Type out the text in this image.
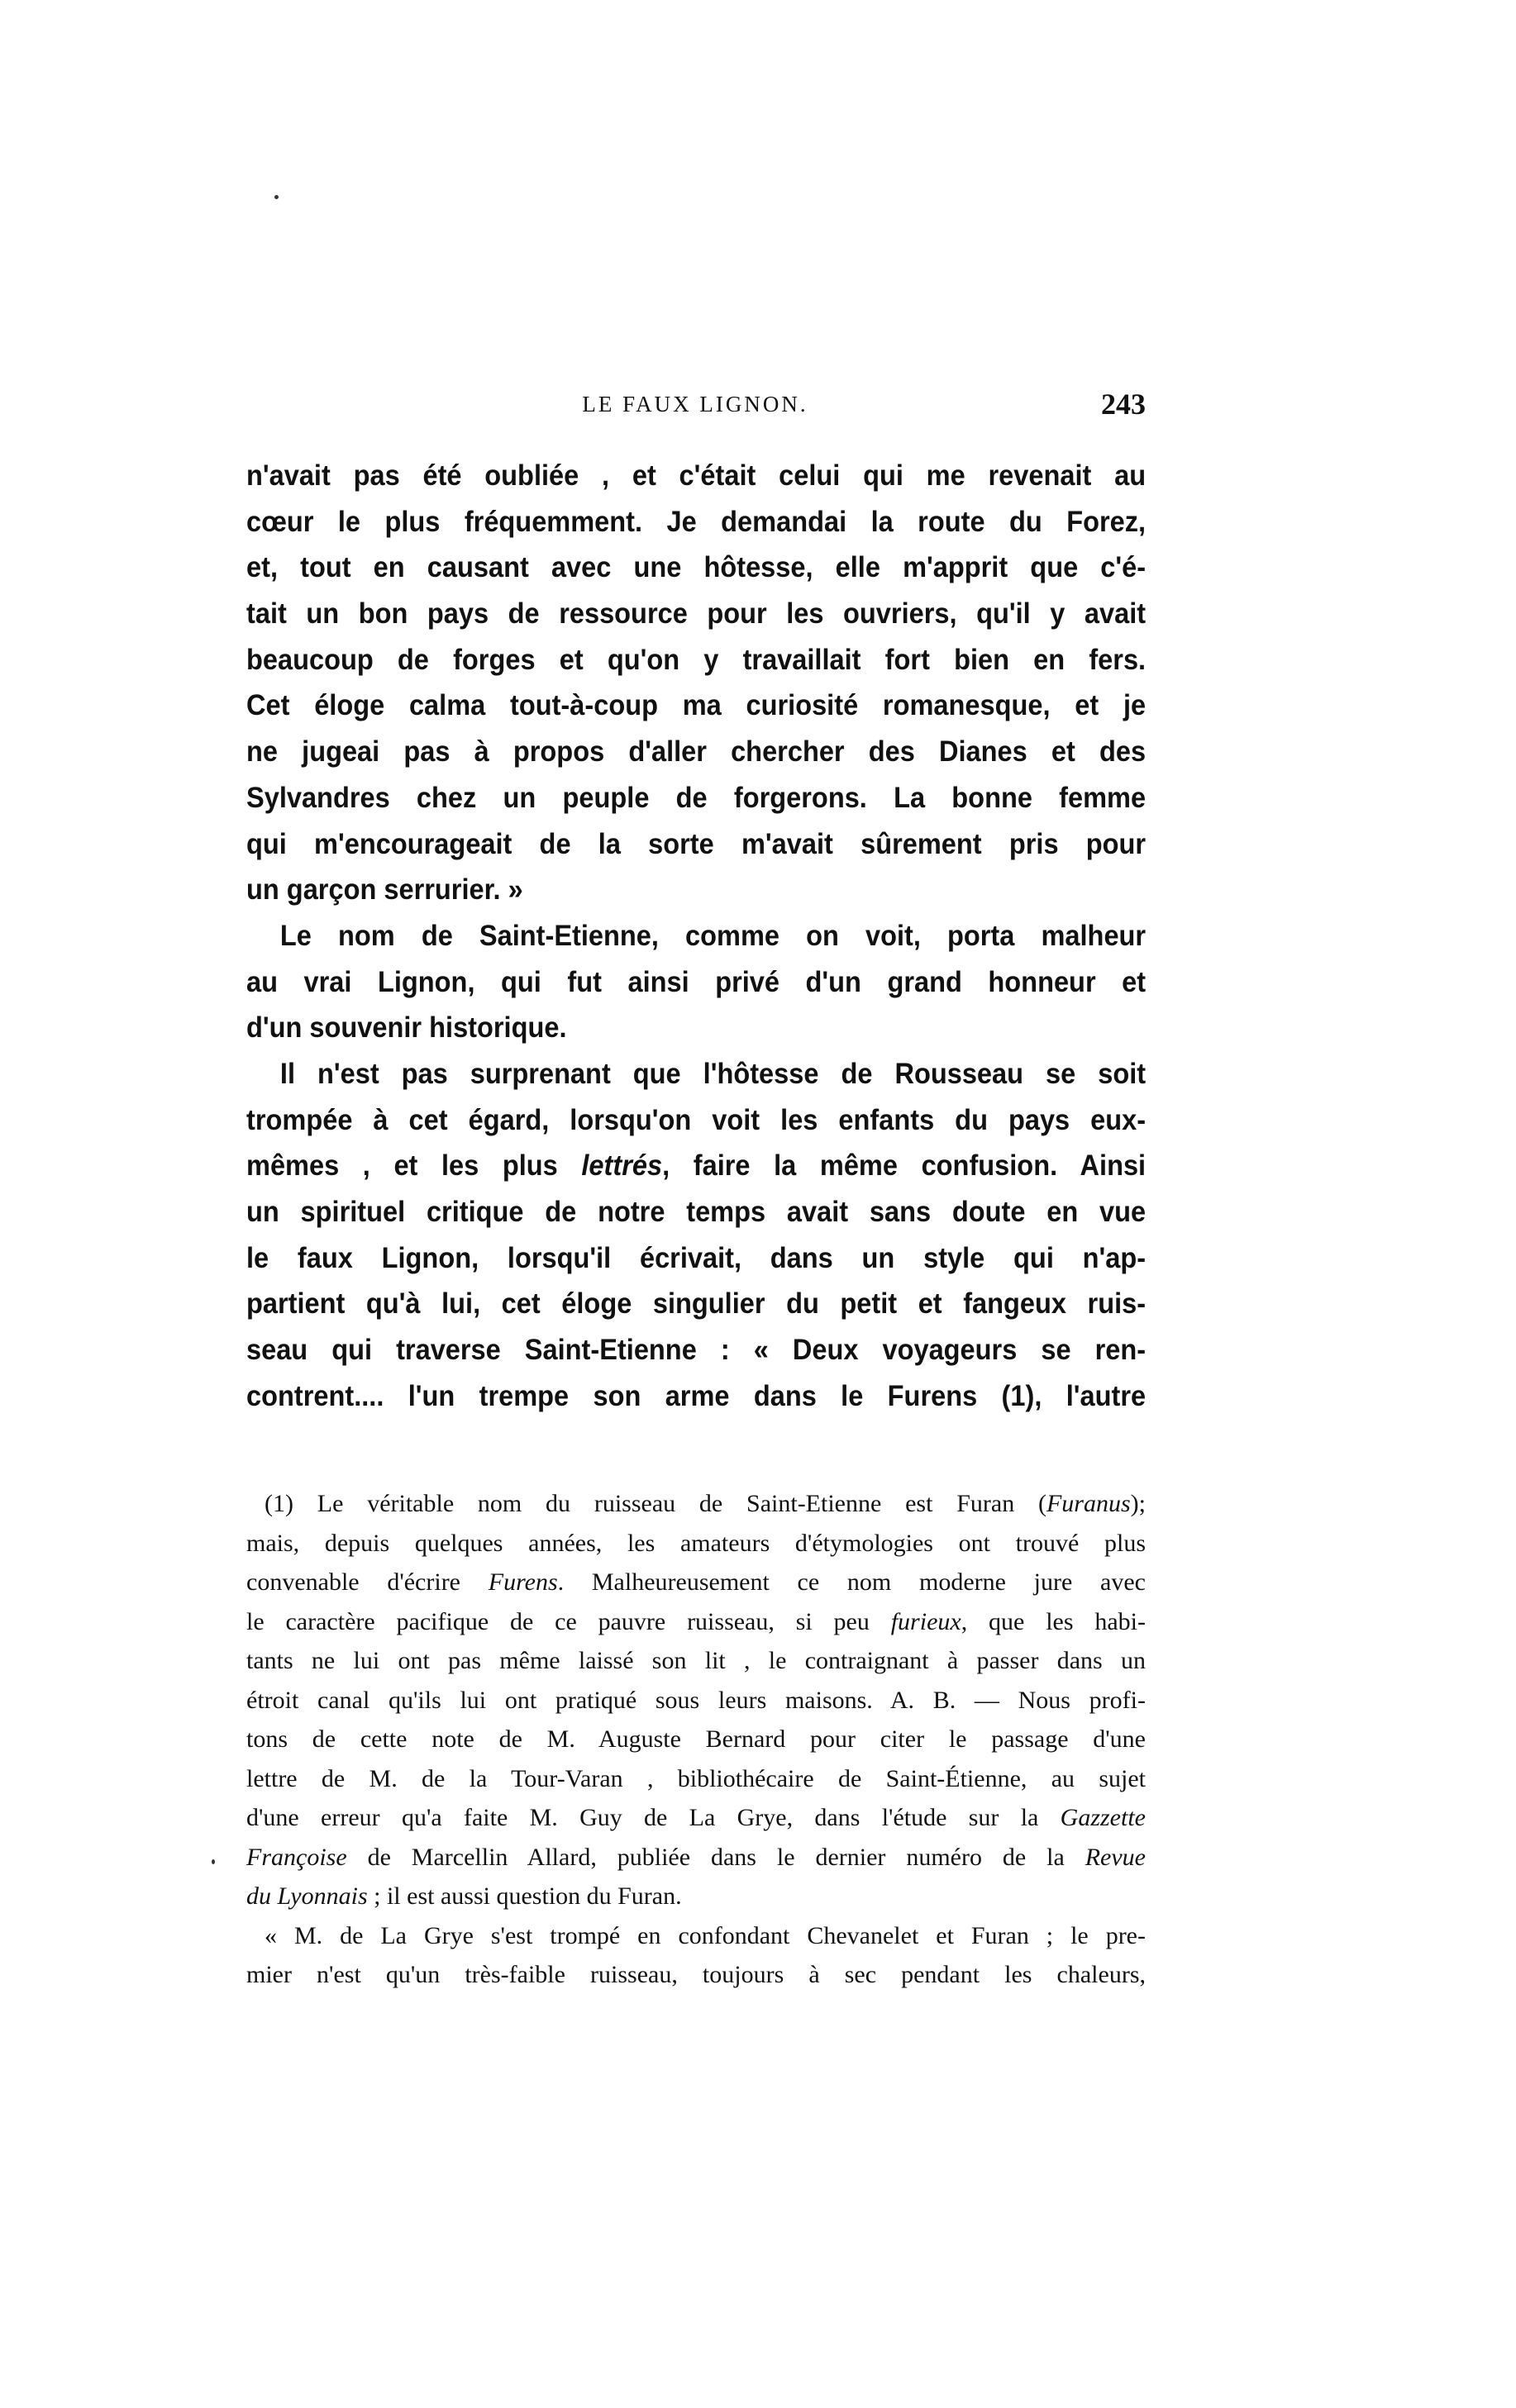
LE FAUX LIGNON.	243
n'avait pas été oubliée , et c'était celui qui me revenait au
cœur le plus fréquemment. Je demandai la route du Forez,
et, tout en causant avec une hôtesse, elle m'apprit que c'é-
tait un bon pays de ressource pour les ouvriers, qu'il y avait
beaucoup de forges et qu'on y travaillait fort bien en fers.
Cet éloge calma tout-à-coup ma curiosité romanesque, et je
ne jugeai pas à propos d'aller chercher des Dianes et des
Sylvandres chez un peuple de forgerons. La bonne femme
qui m'encourageait de la sorte m'avait sûrement pris pour
un garçon serrurier. »
Le nom de Saint-Etienne, comme on voit, porta malheur
au vrai Lignon, qui fut ainsi privé d'un grand honneur et
d'un souvenir historique.
Il n'est pas surprenant que l'hôtesse de Rousseau se soit
trompée à cet égard, lorsqu'on voit les enfants du pays eux-
mêmes , et les plus lettrés, faire la même confusion. Ainsi
un spirituel critique de notre temps avait sans doute en vue
le faux Lignon, lorsqu'il écrivait, dans un style qui n'ap-
partient qu'à lui, cet éloge singulier du petit et fangeux ruis-
seau qui traverse Saint-Etienne : « Deux voyageurs se ren-
contrent.... l'un trempe son arme dans le Furens (1), l'autre
(1) Le véritable nom du ruisseau de Saint-Etienne est Furan (Furanus);
mais, depuis quelques années, les amateurs d'étymologies ont trouvé plus
convenable d'écrire Furens. Malheureusement ce nom moderne jure avec
le caractère pacifique de ce pauvre ruisseau, si peu furieux, que les habi-
tants ne lui ont pas même laissé son lit , le contraignant à passer dans un
étroit canal qu'ils lui ont pratiqué sous leurs maisons. A. B. — Nous profi-
tons de cette note de M. Auguste Bernard pour citer le passage d'une
lettre de M. de la Tour-Varan , bibliothécaire de Saint-Étienne, au sujet
d'une erreur qu'a faite M. Guy de La Grye, dans l'étude sur la Gazzette
Françoise de Marcellin Allard, publiée dans le dernier numéro de la Revue
du Lyonnais ; il est aussi question du Furan.
« M. de La Grye s'est trompé en confondant Chevanelet et Furan ; le pre-
mier n'est qu'un très-faible ruisseau, toujours à sec pendant les chaleurs,
